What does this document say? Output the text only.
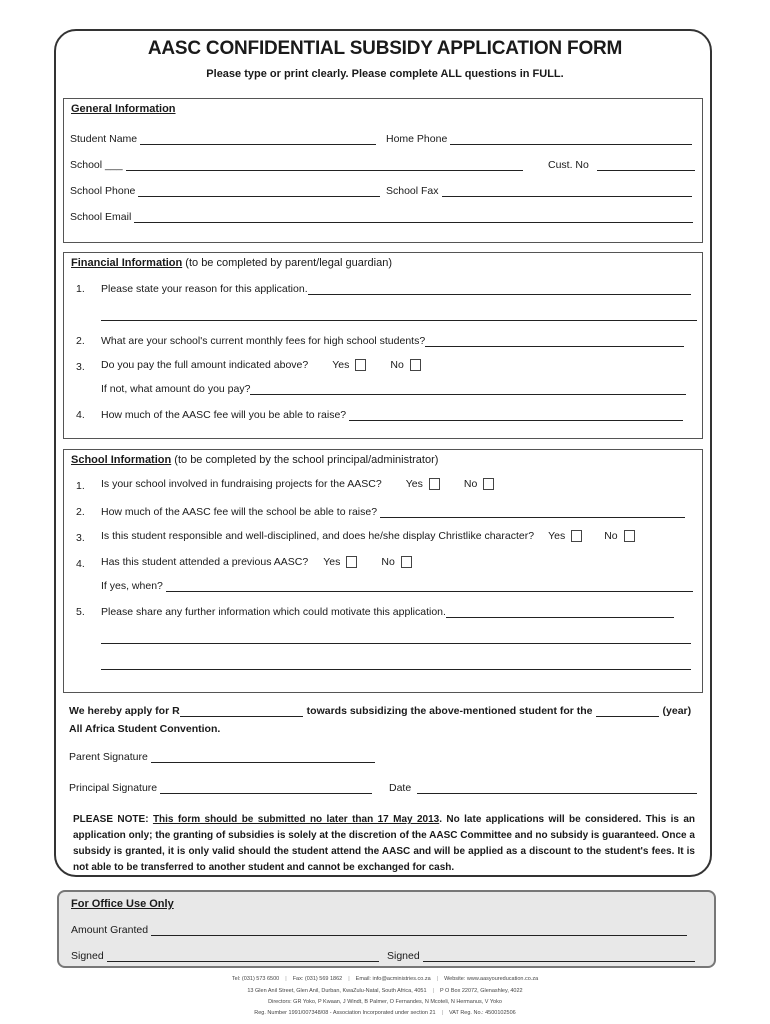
AASC CONFIDENTIAL SUBSIDY APPLICATION FORM
Please type or print clearly. Please complete ALL questions in FULL.
General Information
Student Name	Home Phone
School ___	Cust. No
School Phone	School Fax
School Email
Financial Information (to be completed by parent/legal guardian)
1. Please state your reason for this application.
2. What are your school's current monthly fees for high school students?
3. Do you pay the full amount indicated above? Yes	No
If not, what amount do you pay?
4. How much of the AASC fee will you be able to raise?
School Information (to be completed by the school principal/administrator)
1. Is your school involved in fundraising projects for the AASC? Yes	No
2. How much of the AASC fee will the school be able to raise?
3. Is this student responsible and well-disciplined, and does he/she display Christlike character? Yes	No
4. Has this student attended a previous AASC? Yes	No
If yes, when?
5. Please share any further information which could motivate this application.
We hereby apply for R	towards subsidizing the above-mentioned student for the	(year)
All Africa Student Convention.
Parent Signature
Principal Signature	Date
PLEASE NOTE: This form should be submitted no later than 17 May 2013. No late applications will be considered. This is an application only; the granting of subsidies is solely at the discretion of the AASC Committee and no subsidy is guaranteed. Once a subsidy is granted, it is only valid should the student attend the AASC and will be applied as a discount to the student's fees. It is not able to be transferred to another student and cannot be exchanged for cash.
For Office Use Only
Amount Granted
Signed	Signed
Tel: (031) 573 6500 | Fax: (031) 569 1862 | Email: info@acministries.co.za | Website: www.aasyoureducation.co.za
13 Glen Anil Street, Glen Anil, Durban, KwaZulu-Natal, South Africa, 4051 | P O Box 22072, Glenashley, 4022
Directors: GR Yoko, P Kwaan, J Windt, B Palmer, O Fernandes, N Mcoteli, N Hermanus, V Yoko
Reg. Number 1991/007348/08 - Association Incorporated under section 21 | VAT Reg. No.: 4500102506
